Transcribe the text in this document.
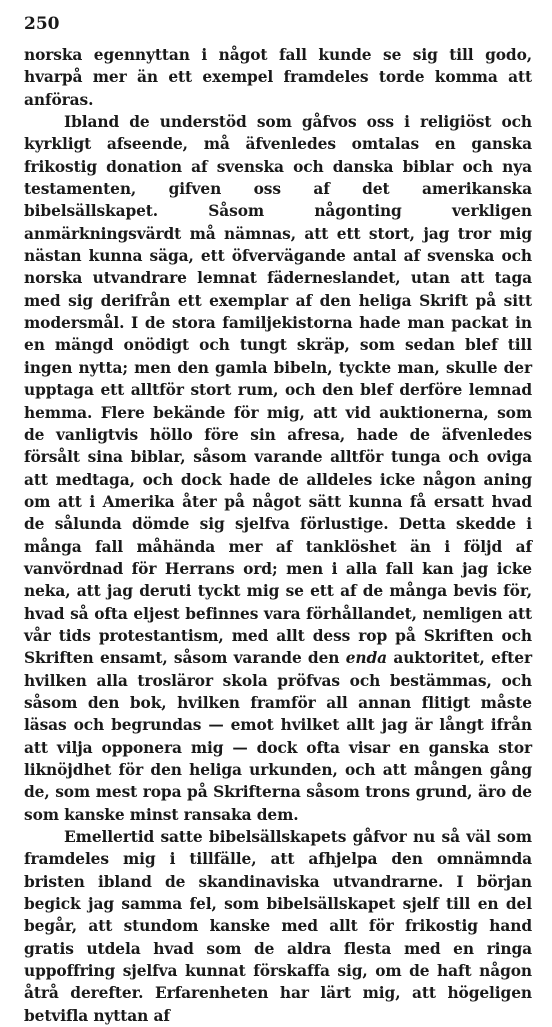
250

norska egennyttan i något fall kunde se sig till godo, hvarpå mer än ett exempel framdeles torde komma att anföras.

Ibland de understöd som gåfvos oss i religiöst och kyrkligt afseende, må äfvenledes omtalas en ganska frikostig donation af svenska och danska biblar och nya testamenten, gifven oss af det amerikanska bibelsällskapet. Såsom någonting verkligen anmärkningsvärdt må nämnas, att ett stort, jag tror mig nästan kunna säga, ett öfvervägande antal af svenska och norska utvandrare lemnat fäderneslandet, utan att taga med sig derifrån ett exemplar af den heliga Skrift på sitt modersmål. I de stora familjekistorna hade man packat in en mängd onödigt och tungt skräp, som sedan blef till ingen nytta; men den gamla bibeln, tyckte man, skulle der upptaga ett alltför stort rum, och den blef derföre lemnad hemma. Flere bekände för mig, att vid auktionerna, som de vanligtvis höllo före sin afresa, hade de äfvenledes försålt sina biblar, såsom varande alltför tunga och oviga att medtaga, och dock hade de alldeles icke någon aning om att i Amerika åter på något sätt kunna få ersatt hvad de sålunda dömde sig sjelfva förlustige. Detta skedde i många fall måhända mer af tanklöshet än i följd af vanvördnad för Herrans ord; men i alla fall kan jag icke neka, att jag deruti tyckt mig se ett af de många bevis för, hvad så ofta eljest befinnes vara förhållandet, nemligen att vår tids protestantism, med allt dess rop på Skriften och Skriften ensamt, såsom varande den enda auktoritet, efter hvilken alla trosläror skola pröfvas och bestämmas, och såsom den bok, hvilken framför all annan flitigt måste läsas och begrundas — emot hvilket allt jag är långt ifrån att vilja opponera mig — dock ofta visar en ganska stor liknöjdhet för den heliga urkunden, och att mången gång de, som mest ropa på Skrifterna såsom trons grund, äro de som kanske minst ransaka dem.

Emellertid satte bibelsällskapets gåfvor nu så väl som framdeles mig i tillfälle, att afhjelpa den omnämnda bristen ibland de skandinaviska utvandrarne. I början begick jag samma fel, som bibelsällskapet sjelf till en del begår, att stundom kanske med allt för frikostig hand gratis utdela hvad som de aldra flesta med en ringa uppoffring sjelfva kunnat förskaffa sig, om de haft någon åtrå derefter. Erfarenheten har lärt mig, att högeligen betvifla nyttan af
